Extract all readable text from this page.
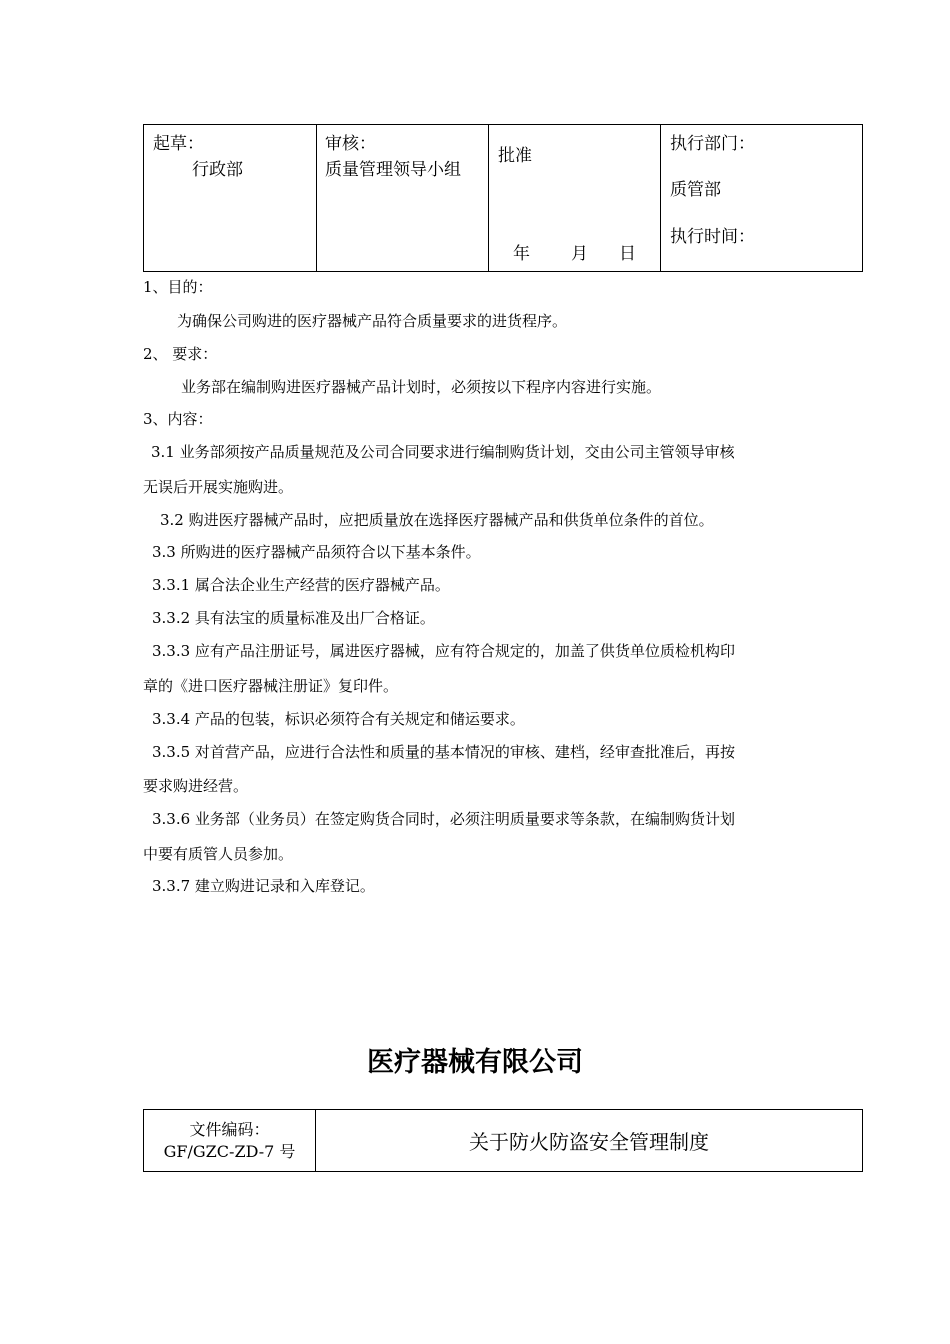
起草：
行政部

审核：
质量管理领导小组

批准
年 月 日

执行部门：
质管部
执行时间：
1、目的：
为确保公司购进的医疗器械产品符合质量要求的进货程序。
2、 要求：
业务部在编制购进医疗器械产品计划时，必须按以下程序内容进行实施。
3、内容：
3.1 业务部须按产品质量规范及公司合同要求进行编制购货计划，交由公司主管领导审核
无误后开展实施购进。
3.2 购进医疗器械产品时，应把质量放在选择医疗器械产品和供货单位条件的首位。
3.3 所购进的医疗器械产品须符合以下基本条件。
3.3.1 属合法企业生产经营的医疗器械产品。
3.3.2 具有法宝的质量标准及出厂合格证。
3.3.3 应有产品注册证号，属进医疗器械，应有符合规定的，加盖了供货单位质检机构印
章的《进口医疗器械注册证》复印件。
3.3.4 产品的包装，标识必须符合有关规定和储运要求。
3.3.5 对首营产品，应进行合法性和质量的基本情况的审核、建档，经审查批准后，再按
要求购进经营。
3.3.6 业务部（业务员）在签定购货合同时，必须注明质量要求等条款，在编制购货计划
中要有质管人员参加。
3.3.7 建立购进记录和入库登记。
医疗器械有限公司
文件编码：
GF/GZC-ZD-7 号	关于防火防盗安全管理制度
